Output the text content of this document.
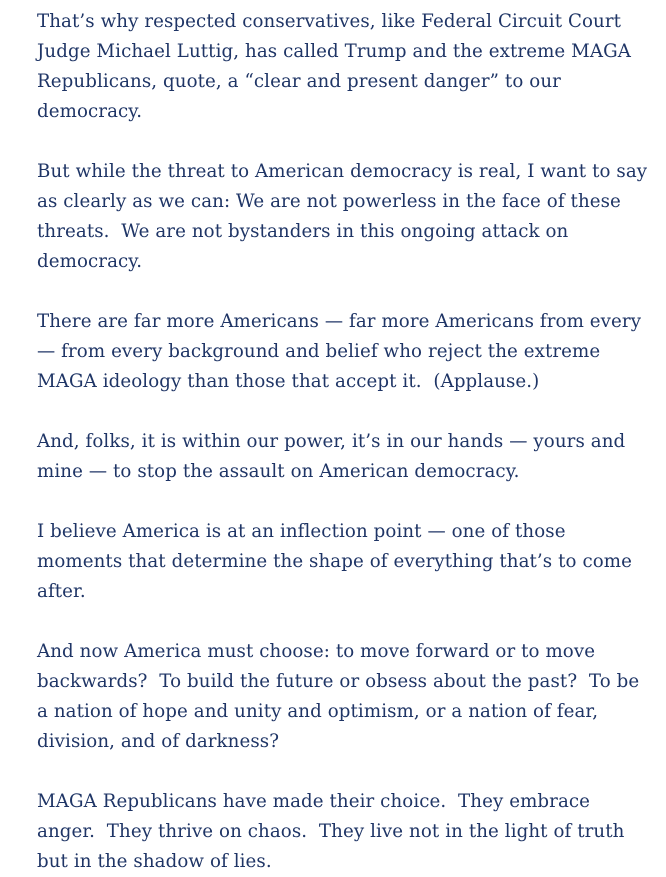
That’s why respected conservatives, like Federal Circuit Court Judge Michael Luttig, has called Trump and the extreme MAGA Republicans, quote, a “clear and present danger” to our democracy.

But while the threat to American democracy is real, I want to say as clearly as we can: We are not powerless in the face of these threats.  We are not bystanders in this ongoing attack on democracy.

There are far more Americans — far more Americans from every — from every background and belief who reject the extreme MAGA ideology than those that accept it.  (Applause.)

And, folks, it is within our power, it’s in our hands — yours and mine — to stop the assault on American democracy.

I believe America is at an inflection point — one of those moments that determine the shape of everything that’s to come after.

And now America must choose: to move forward or to move backwards?  To build the future or obsess about the past?  To be a nation of hope and unity and optimism, or a nation of fear, division, and of darkness?

MAGA Republicans have made their choice.  They embrace anger.  They thrive on chaos.  They live not in the light of truth but in the shadow of lies.
